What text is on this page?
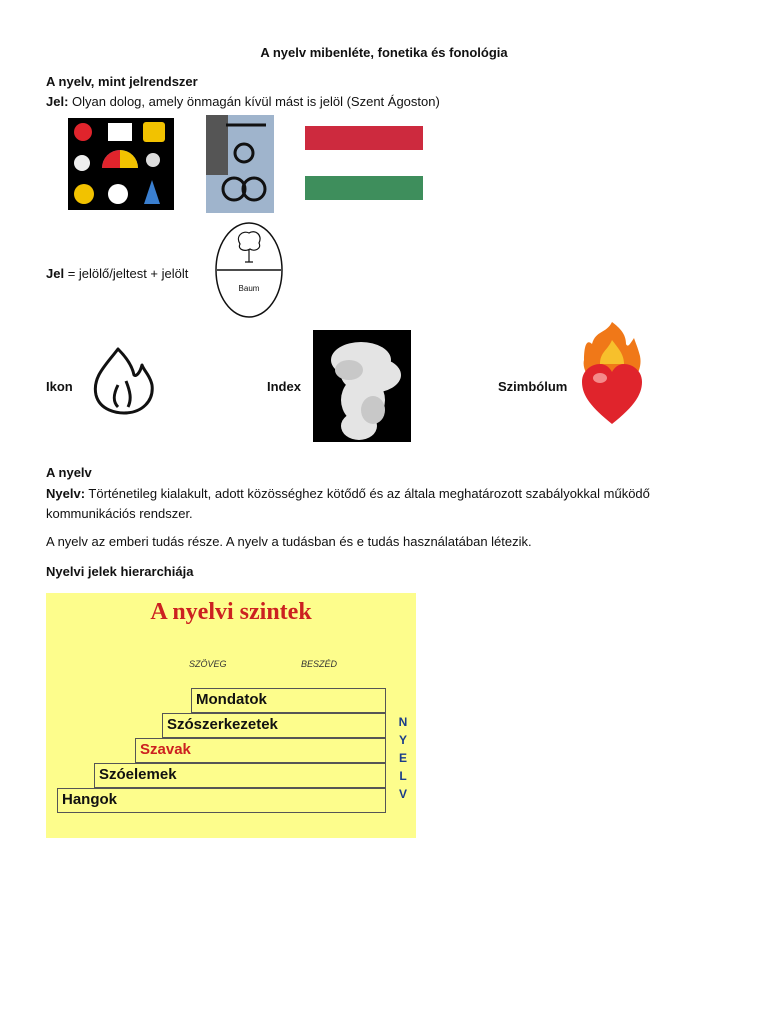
A nyelv mibenléte, fonetika és fonológia
A nyelv, mint jelrendszer
Jel: Olyan dolog, amely önmagán kívül mást is jelöl (Szent Ágoston)
Jel = jelölő/jeltest + jelölt
Baum
Ikon	Index	Szimbólum
A nyelv
Nyelv: Történetileg kialakult, adott közösséghez kötődő és az általa meghatározott szabályokkal működő
kommunikációs rendszer.
A nyelv az emberi tudás része. A nyelv a tudásban és e tudás használatában létezik.
Nyelvi jelek hierarchiája
A nyelvi szintek
SZÖVEG	BESZÉD
Mondatok
Szószerkezetek
Szavak
Szóelemek
Hangok
N
Y
E
L
V
